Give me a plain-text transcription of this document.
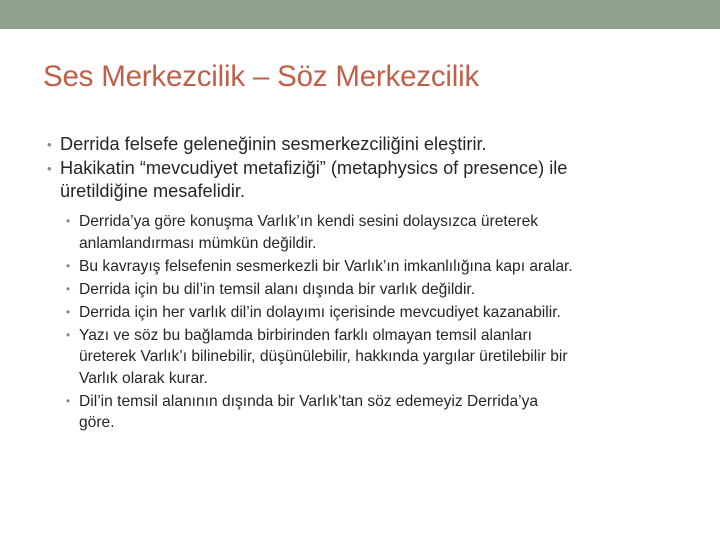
Ses Merkezcilik – Söz Merkezcilik
• Derrida felsefe geleneğinin sesmerkezciliğini eleştirir.
• Hakikatin “mevcudiyet metafiziği” (metaphysics of presence) ile
üretildiğine mesafelidir.
• Derrida’ya göre konuşma Varlık’ın kendi sesini dolaysızca üreterek
anlamlandırması mümkün değildir.
• Bu kavrayış felsefenin sesmerkezli bir Varlık’ın imkanlılığına kapı aralar.
• Derrida için bu dil’in temsil alanı dışında bir varlık değildir.
• Derrida için her varlık dil’in dolayımı içerisinde mevcudiyet kazanabilir.
• Yazı ve söz bu bağlamda birbirinden farklı olmayan temsil alanları
üreterek Varlık’ı bilinebilir, düşünülebilir, hakkında yargılar üretilebilir bir
Varlık olarak kurar.
• Dil’in temsil alanının dışında bir Varlık’tan söz edemeyiz Derrida’ya
göre.
